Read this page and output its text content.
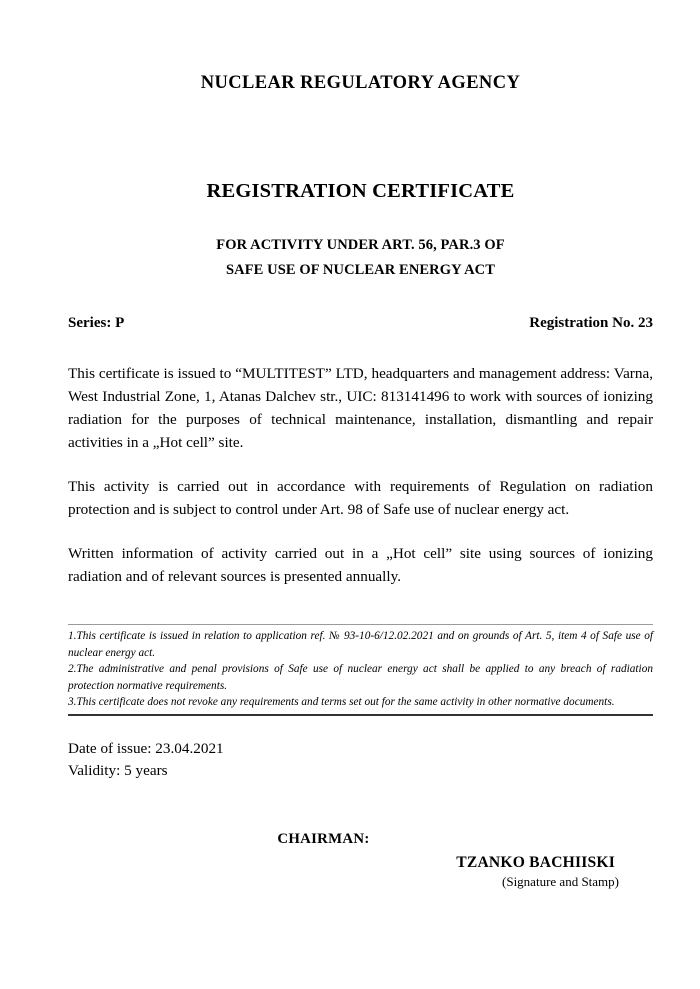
NUCLEAR REGULATORY AGENCY
REGISTRATION CERTIFICATE
FOR ACTIVITY UNDER ART. 56, PAR.3 OF
SAFE USE OF NUCLEAR ENERGY ACT
Series: P	Registration No. 23

This certificate is issued to “MULTITEST” LTD, headquarters and management address: Varna, West Industrial Zone, 1, Atanas Dalchev str., UIC: 813141496 to work with sources of ionizing radiation for the purposes of technical maintenance, installation, dismantling and repair activities in a „Hot cell” site.

This activity is carried out in accordance with requirements of Regulation on radiation protection and is subject to control under Art. 98 of Safe use of nuclear energy act.

Written information of activity carried out in a „Hot cell” site using sources of ionizing radiation and of relevant sources is presented annually.

1.This certificate is issued in relation to application ref. № 93-10-6/12.02.2021 and on grounds of Art. 5, item 4 of Safe use of nuclear energy act.
2.The administrative and penal provisions of Safe use of nuclear energy act shall be applied to any breach of radiation protection normative requirements.
3.This certificate does not revoke any requirements and terms set out for the same activity in other normative documents.
Date of issue: 23.04.2021
Validity: 5 years
CHAIRMAN:
TZANKO BACHIISKI
(Signature and Stamp)
